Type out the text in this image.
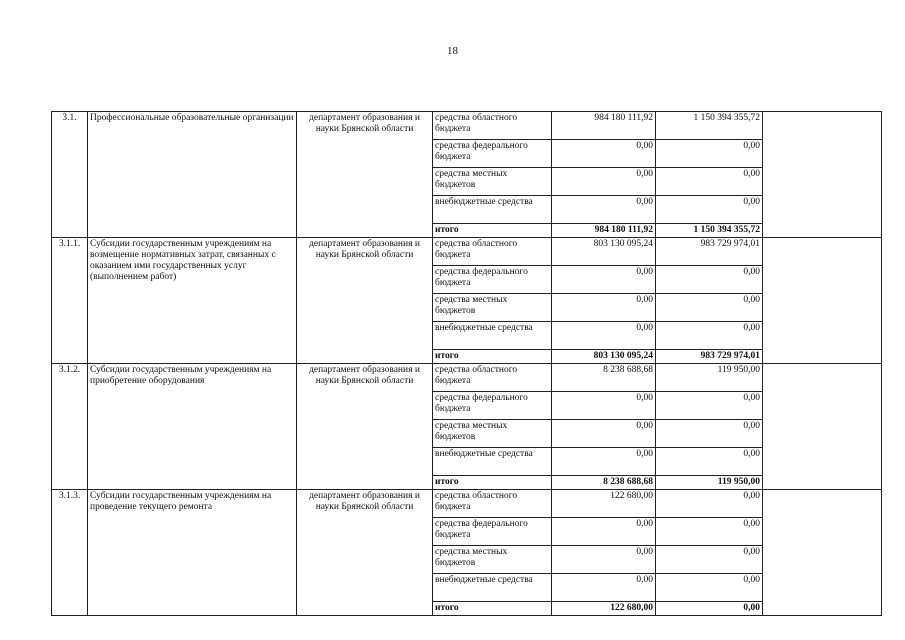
18
3.1.	Профессиональные образовательные организации	департамент образования и науки Брянской области	средства областного бюджета	984 180 111,92	1 150 394 355,72	
			средства федерального бюджета	0,00	0,00	
			средства местных бюджетов	0,00	0,00	
			внебюджетные средства	0,00	0,00	
			итого	984 180 111,92	1 150 394 355,72	
3.1.1.	Субсидии государственным учреждениям на возмещение нормативных затрат, связанных с оказанием ими государственных услуг (выполнением работ)	департамент образования и науки Брянской области	средства областного бюджета	803 130 095,24	983 729 974,01	
			средства федерального бюджета	0,00	0,00	
			средства местных бюджетов	0,00	0,00	
			внебюджетные средства	0,00	0,00	
			итого	803 130 095,24	983 729 974,01	
3.1.2.	Субсидии государственным учреждениям на приобретение оборудования	департамент образования и науки Брянской области	средства областного бюджета	8 238 688,68	119 950,00	
			средства федерального бюджета	0,00	0,00	
			средства местных бюджетов	0,00	0,00	
			внебюджетные средства	0,00	0,00	
			итого	8 238 688,68	119 950,00	
3.1.3.	Субсидии государственным учреждениям на проведение текущего ремонта	департамент образования и науки Брянской области	средства областного бюджета	122 680,00	0,00	
			средства федерального бюджета	0,00	0,00	
			средства местных бюджетов	0,00	0,00	
			внебюджетные средства	0,00	0,00	
			итого	122 680,00	0,00	
